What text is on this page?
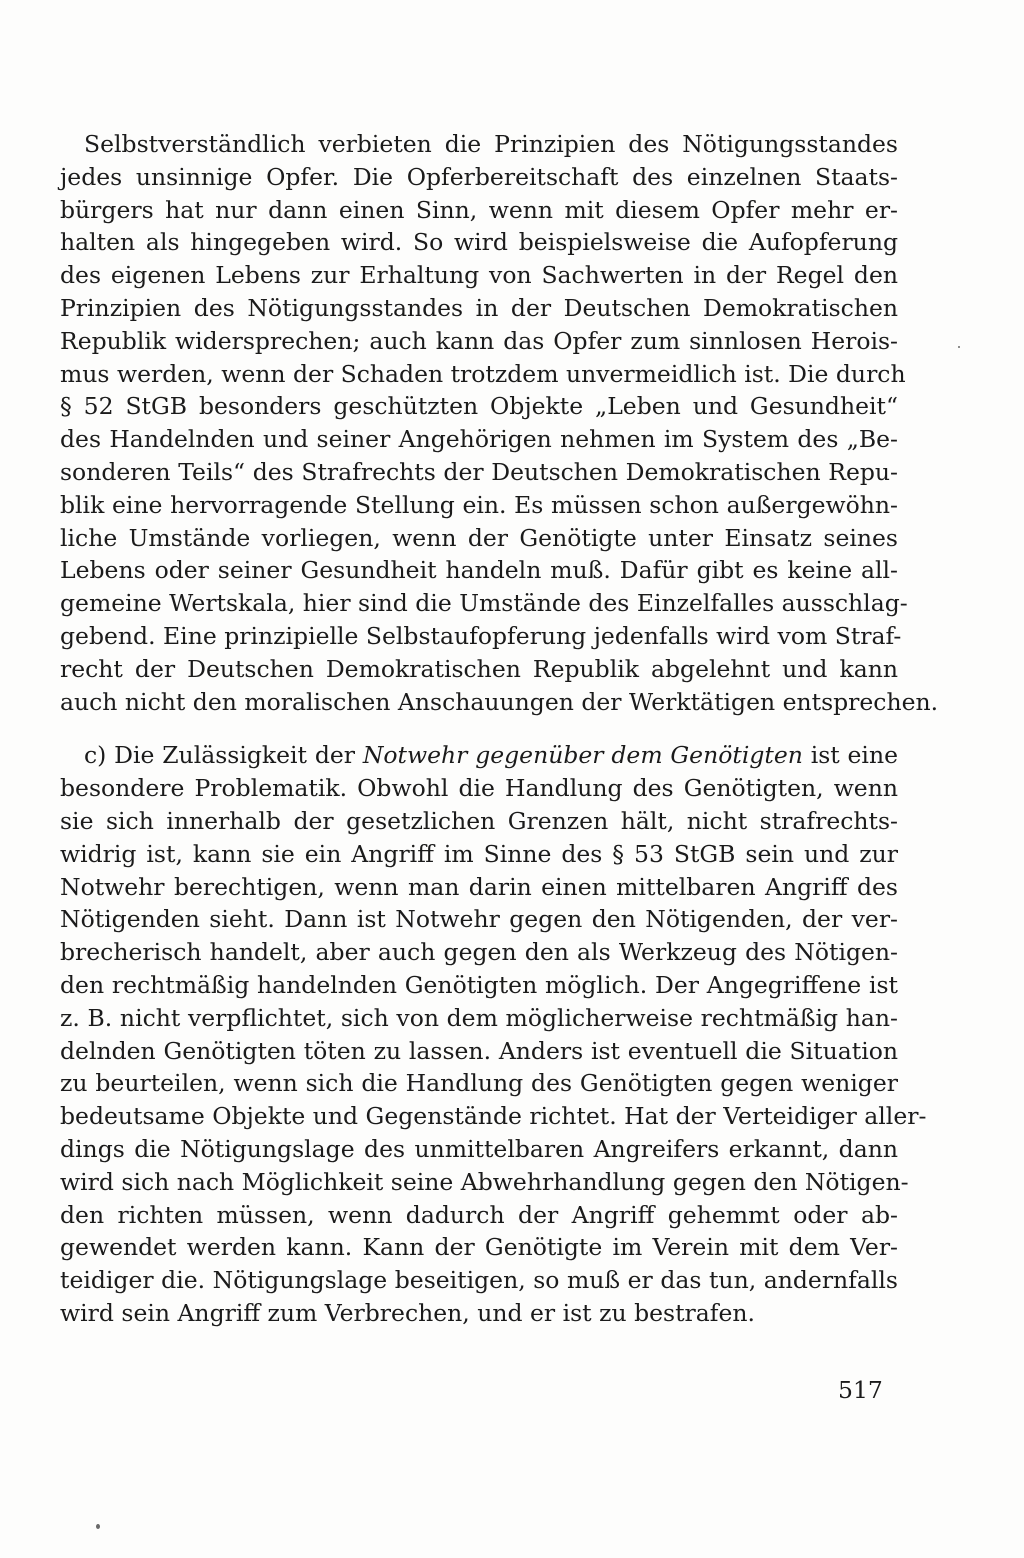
Selbstverständlich verbieten die Prinzipien des Nötigungsstandes
jedes unsinnige Opfer. Die Opferbereitschaft des einzelnen Staats-
bürgers hat nur dann einen Sinn, wenn mit diesem Opfer mehr er-
halten als hingegeben wird. So wird beispielsweise die Aufopferung
des eigenen Lebens zur Erhaltung von Sachwerten in der Regel den
Prinzipien des Nötigungsstandes in der Deutschen Demokratischen
Republik widersprechen; auch kann das Opfer zum sinnlosen Herois-
mus werden, wenn der Schaden trotzdem unvermeidlich ist. Die durch
§ 52 StGB besonders geschützten Objekte „Leben und Gesundheit“
des Handelnden und seiner Angehörigen nehmen im System des „Be-
sonderen Teils“ des Strafrechts der Deutschen Demokratischen Repu-
blik eine hervorragende Stellung ein. Es müssen schon außergewöhn-
liche Umstände vorliegen, wenn der Genötigte unter Einsatz seines
Lebens oder seiner Gesundheit handeln muß. Dafür gibt es keine all-
gemeine Wertskala, hier sind die Umstände des Einzelfalles ausschlag-
gebend. Eine prinzipielle Selbstaufopferung jedenfalls wird vom Straf-
recht der Deutschen Demokratischen Republik abgelehnt und kann
auch nicht den moralischen Anschauungen der Werktätigen entsprechen.
c) Die Zulässigkeit der Notwehr gegenüber dem Genötigten ist eine
besondere Problematik. Obwohl die Handlung des Genötigten, wenn
sie sich innerhalb der gesetzlichen Grenzen hält, nicht strafrechts-
widrig ist, kann sie ein Angriff im Sinne des § 53 StGB sein und zur
Notwehr berechtigen, wenn man darin einen mittelbaren Angriff des
Nötigenden sieht. Dann ist Notwehr gegen den Nötigenden, der ver-
brecherisch handelt, aber auch gegen den als Werkzeug des Nötigen-
den rechtmäßig handelnden Genötigten möglich. Der Angegriffene ist
z. B. nicht verpflichtet, sich von dem möglicherweise rechtmäßig han-
delnden Genötigten töten zu lassen. Anders ist eventuell die Situation
zu beurteilen, wenn sich die Handlung des Genötigten gegen weniger
bedeutsame Objekte und Gegenstände richtet. Hat der Verteidiger aller-
dings die Nötigungslage des unmittelbaren Angreifers erkannt, dann
wird sich nach Möglichkeit seine Abwehrhandlung gegen den Nötigen-
den richten müssen, wenn dadurch der Angriff gehemmt oder ab-
gewendet werden kann. Kann der Genötigte im Verein mit dem Ver-
teidiger die. Nötigungslage beseitigen, so muß er das tun, andernfalls
wird sein Angriff zum Verbrechen, und er ist zu bestrafen.
517
